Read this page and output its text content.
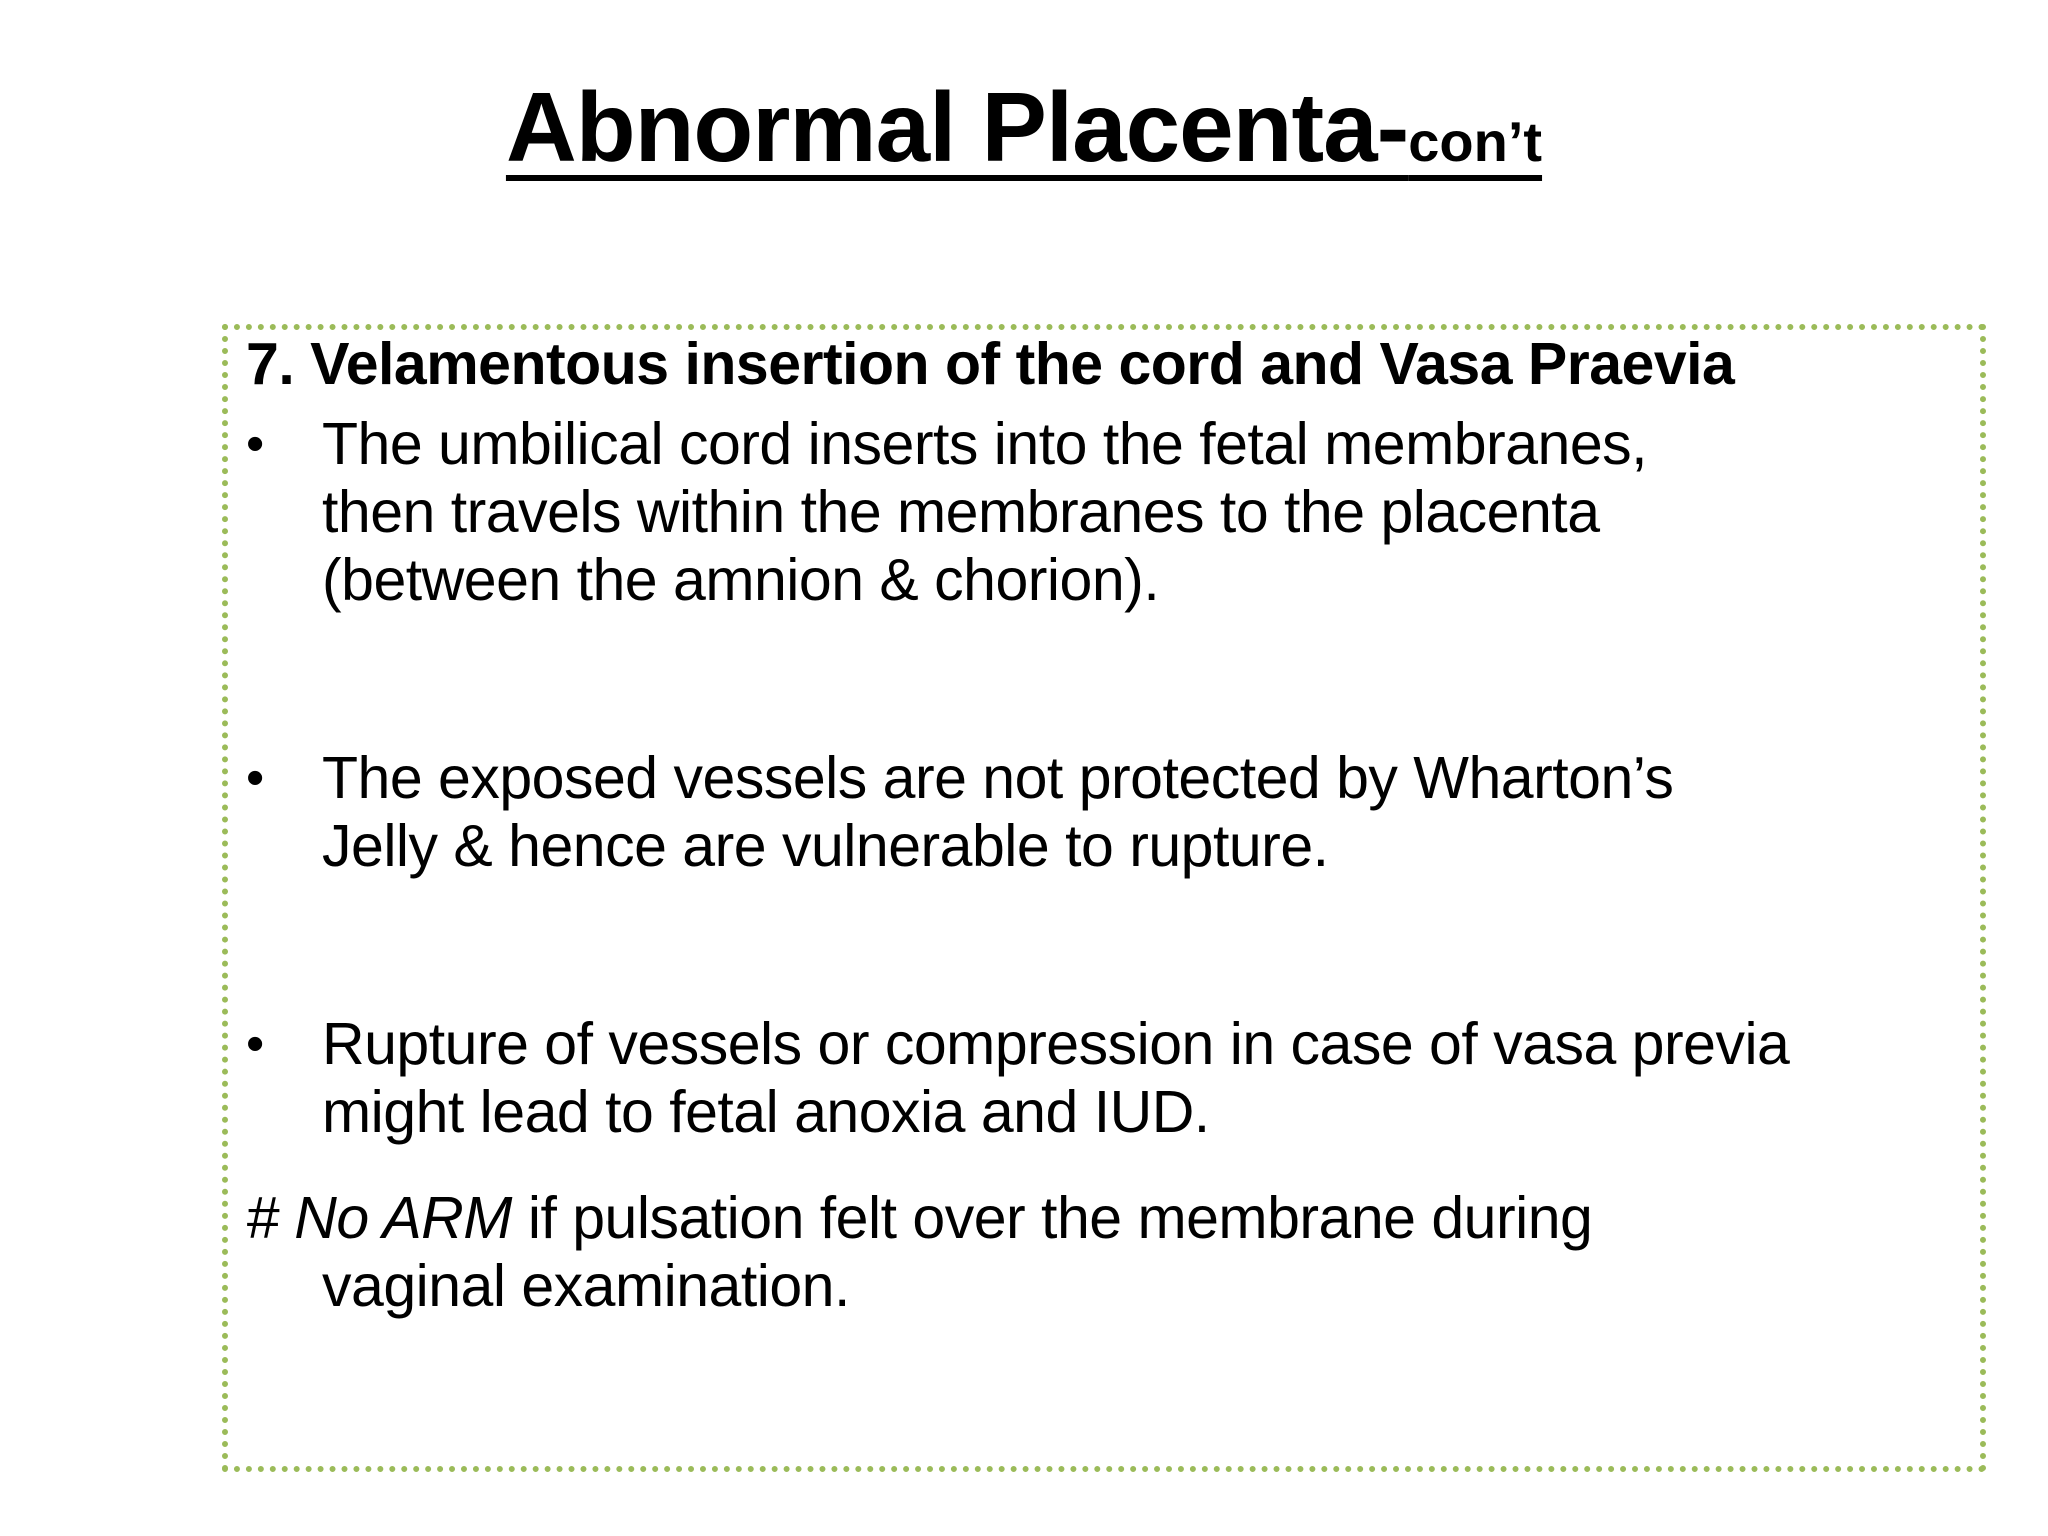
Abnormal Placenta-con’t
7. Velamentous insertion of the cord and Vasa Praevia
• The umbilical cord inserts into the fetal membranes,
then travels within the membranes to the placenta
(between the amnion & chorion).
• The exposed vessels are not protected by Wharton’s
Jelly & hence are vulnerable to rupture.
• Rupture of vessels or compression in case of vasa previa
might lead to fetal anoxia and IUD.
# No ARM if pulsation felt over the membrane during
vaginal examination.
